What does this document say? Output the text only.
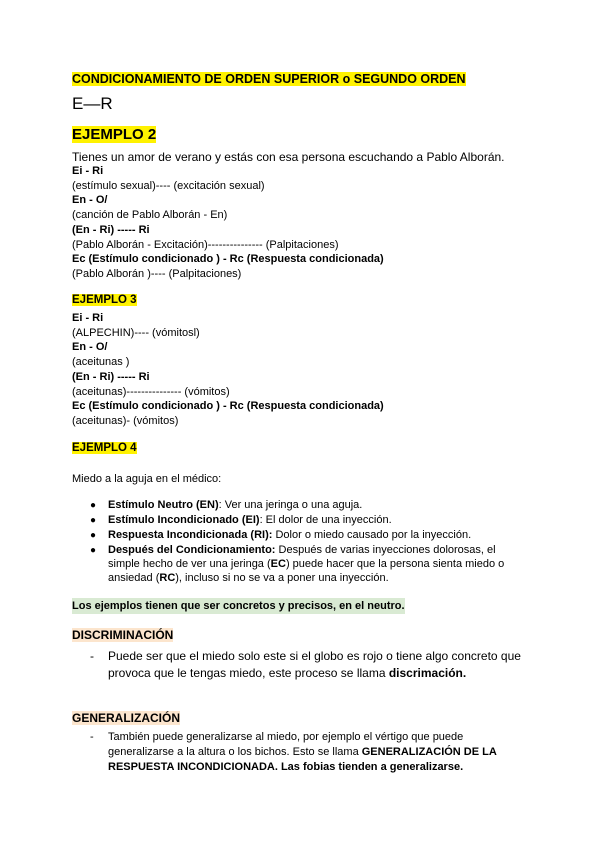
CONDICIONAMIENTO DE ORDEN SUPERIOR o SEGUNDO ORDEN
E—R
EJEMPLO 2
Tienes un amor de verano y estás con esa persona escuchando a Pablo Alborán.
Ei - Ri
(estímulo sexual)---- (excitación sexual)
En - O/
(canción de Pablo Alborán - En)
(En - Ri) ----- Ri
(Pablo Alborán - Excitación)--------------- (Palpitaciones)
Ec (Estímulo condicionado ) - Rc (Respuesta condicionada)
(Pablo Alborán )---- (Palpitaciones)
EJEMPLO 3
Ei - Ri
(ALPECHIN)---- (vómitosl)
En - O/
(aceitunas )
(En - Ri) ----- Ri
(aceitunas)--------------- (vómitos)
Ec (Estímulo condicionado ) - Rc (Respuesta condicionada)
(aceitunas)- (vómitos)
EJEMPLO 4
Miedo a la aguja en el médico:
● Estímulo Neutro (EN): Ver una jeringa o una aguja.
● Estímulo Incondicionado (EI): El dolor de una inyección.
● Respuesta Incondicionada (RI): Dolor o miedo causado por la inyección.
● Después del Condicionamiento: Después de varias inyecciones dolorosas, el
simple hecho de ver una jeringa (EC) puede hacer que la persona sienta miedo o
ansiedad (RC), incluso si no se va a poner una inyección.
Los ejemplos tienen que ser concretos y precisos, en el neutro.
DISCRIMINACIÓN
- Puede ser que el miedo solo este si el globo es rojo o tiene algo concreto que
provoca que le tengas miedo, este proceso se llama discrimación.
GENERALIZACIÓN
- También puede generalizarse al miedo, por ejemplo el vértigo que puede
generalizarse a la altura o los bichos. Esto se llama GENERALIZACIÓN DE LA
RESPUESTA INCONDICIONADA. Las fobias tienden a generalizarse.
